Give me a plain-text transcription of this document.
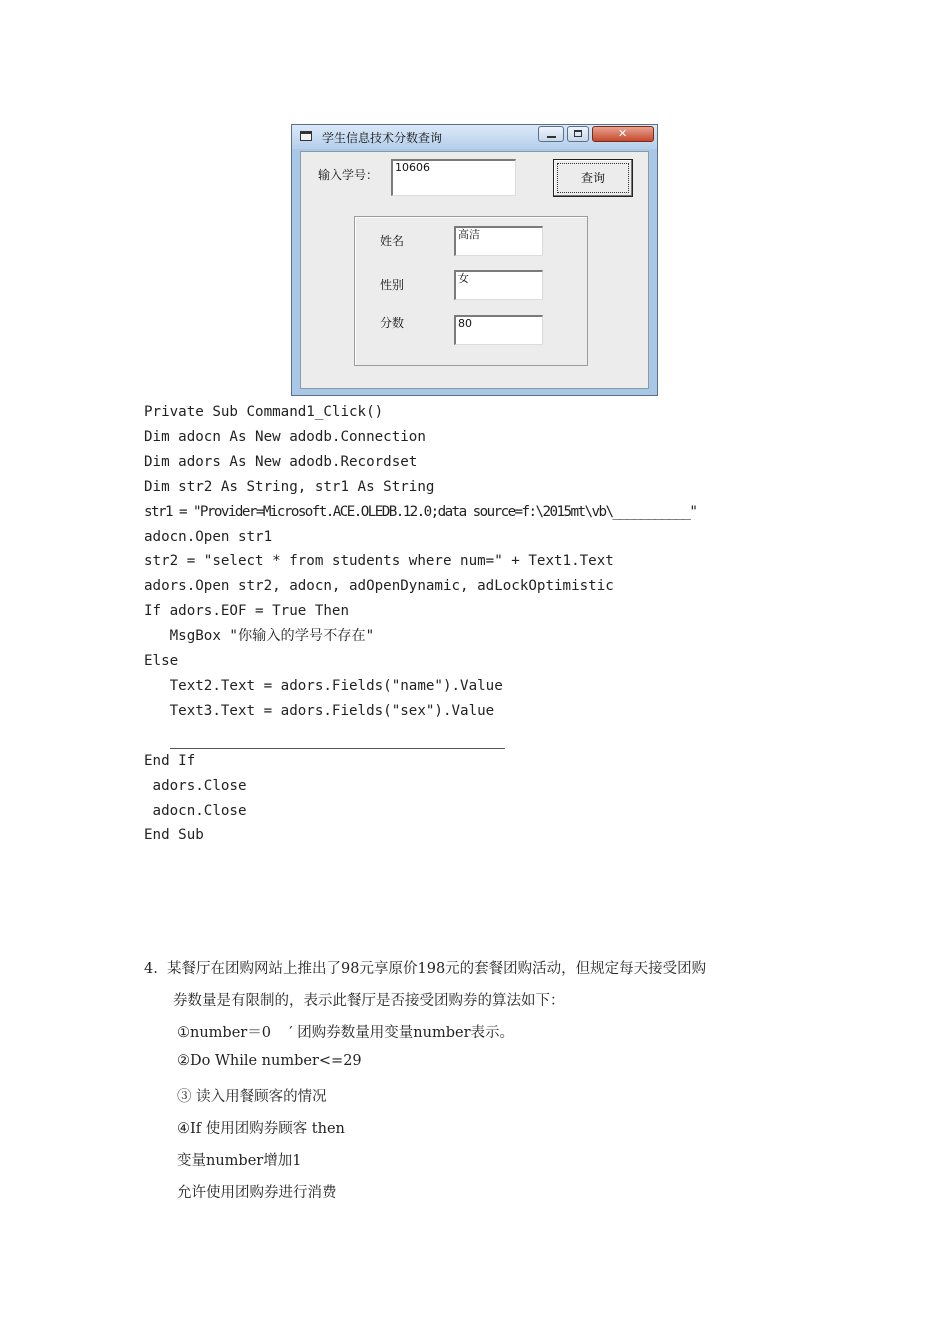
学生信息技术分数查询
✕
输入学号：
10606
查询
姓名	高洁
性别	女
分数	80
Private Sub Command1_Click()
Dim adocn As New adodb.Connection
Dim adors As New adodb.Recordset
Dim str2 As String, str1 As String
str1 = "Provider=Microsoft.ACE.OLEDB.12.0;data source=f:\2015mt\vb\___________"
adocn.Open str1
str2 = "select * from students where num=" + Text1.Text
adors.Open str2, adocn, adOpenDynamic, adLockOptimistic
If adors.EOF = True Then
MsgBox "你输入的学号不存在"
Else
Text2.Text = adors.Fields("name").Value
Text3.Text = adors.Fields("sex").Value

End If
adors.Close
adocn.Close
End Sub
4.  某餐厅在团购网站上推出了98元享原价198元的套餐团购活动，但规定每天接受团购
券数量是有限制的，表示此餐厅是否接受团购券的算法如下：
①number＝0    ′ 团购券数量用变量number表示。
②Do While number<=29
③ 读入用餐顾客的情况
④If 使用团购券顾客 then
变量number增加1
允许使用团购券进行消费
